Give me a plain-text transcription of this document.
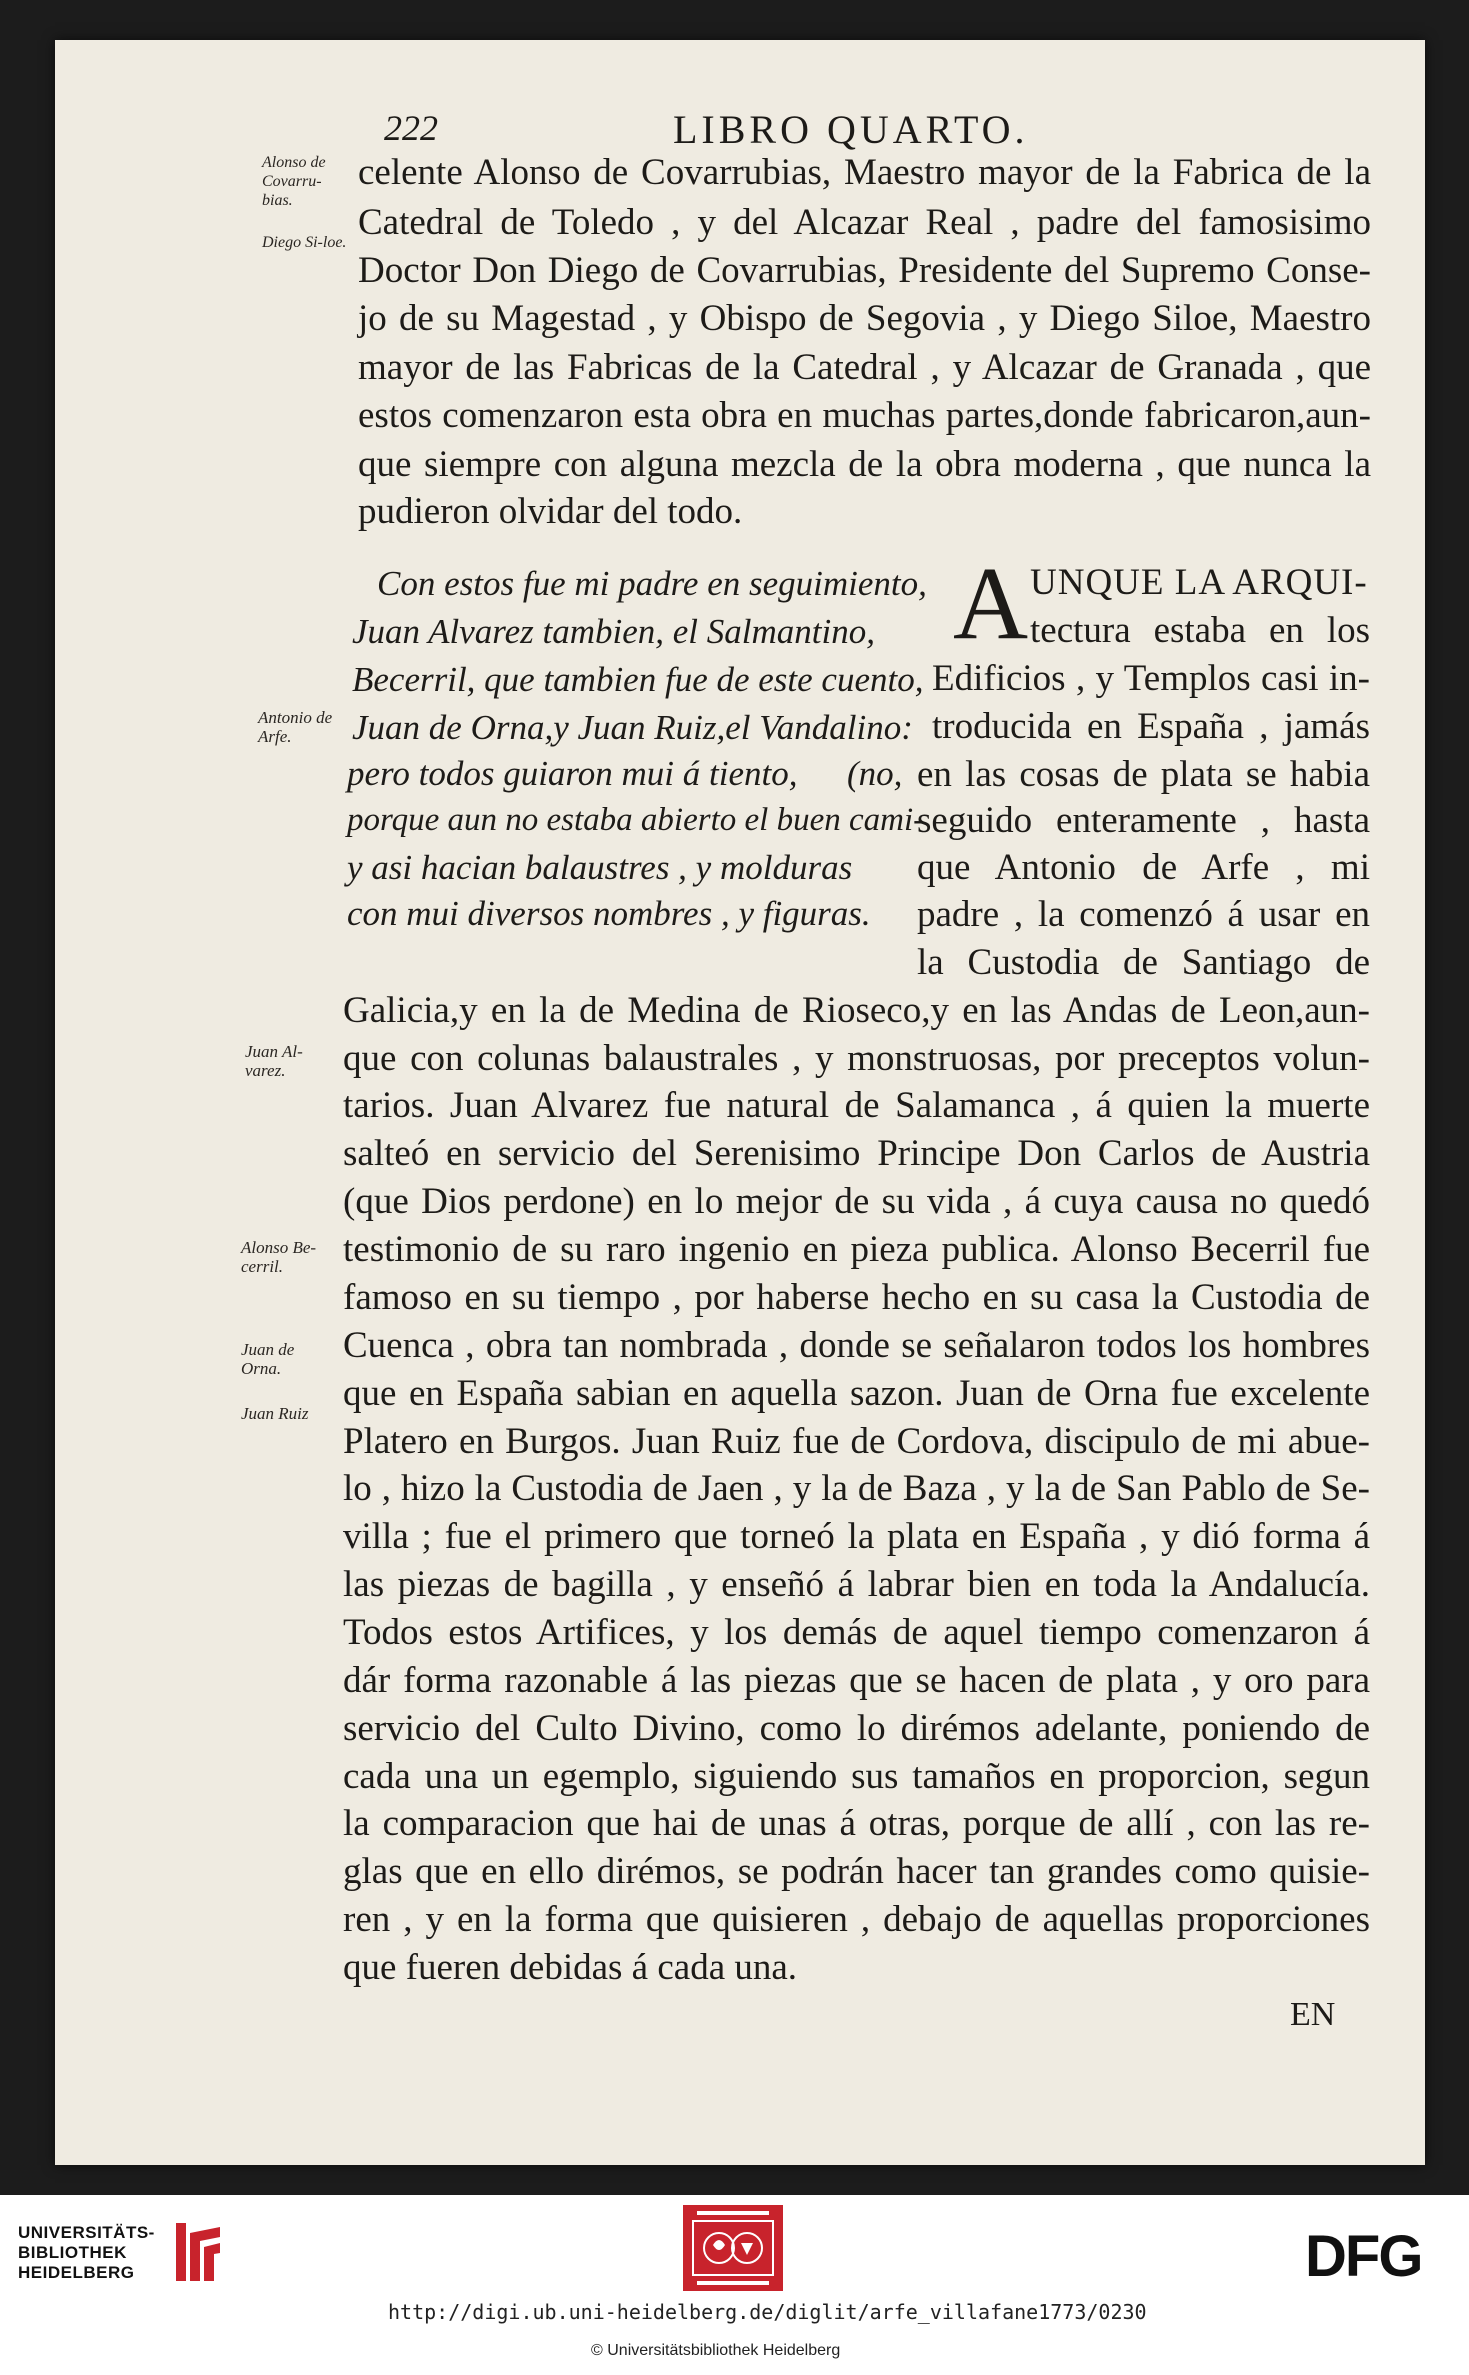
222	LIBRO QUARTO.
celente Alonso de Covarrubias, Maestro mayor de la Fabrica de la
Catedral de Toledo , y del Alcazar Real , padre del famosisimo
Doctor Don Diego de Covarrubias, Presidente del Supremo Conse-
jo de su Magestad , y Obispo de Segovia , y Diego Siloe, Maestro
mayor de las Fabricas de la Catedral , y Alcazar de Granada , que
estos comenzaron esta obra en muchas partes,donde fabricaron,aun-
que siempre con alguna mezcla de la obra moderna , que nunca la
pudieron olvidar del todo.
Con estos fue mi padre en seguimiento,
Juan Alvarez tambien, el Salmantino,
Becerril, que tambien fue de este cuento,
Juan de Orna,y Juan Ruiz,el Vandalino:
pero todos guiaron mui á tiento, (no,
porque aun no estaba abierto el buen cami-
y asi hacian balaustres , y molduras
con mui diversos nombres , y figuras.
A UNQUE LA ARQUI-
tectura estaba en los
Edificios , y Templos casi in-
troducida en España , jamás
en las cosas de plata se habia
seguido enteramente , hasta
que Antonio de Arfe , mi
padre , la comenzó á usar en
la Custodia de Santiago de
Galicia,y en la de Medina de Rioseco,y en las Andas de Leon,aun-
que con colunas balaustrales , y monstruosas, por preceptos volun-
tarios. Juan Alvarez fue natural de Salamanca , á quien la muerte
salteó en servicio del Serenisimo Principe Don Carlos de Austria
(que Dios perdone) en lo mejor de su vida , á cuya causa no quedó
testimonio de su raro ingenio en pieza publica. Alonso Becerril fue
famoso en su tiempo , por haberse hecho en su casa la Custodia de
Cuenca , obra tan nombrada , donde se señalaron todos los hombres
que en España sabian en aquella sazon. Juan de Orna fue excelente
Platero en Burgos. Juan Ruiz fue de Cordova, discipulo de mi abue-
lo , hizo la Custodia de Jaen , y la de Baza , y la de San Pablo de Se-
villa ; fue el primero que torneó la plata en España , y dió forma á
las piezas de bagilla , y enseñó á labrar bien en toda la Andalucía.
Todos estos Artifices, y los demás de aquel tiempo comenzaron á
dár forma razonable á las piezas que se hacen de plata , y oro para
servicio del Culto Divino, como lo dirémos adelante, poniendo de
cada una un egemplo, siguiendo sus tamaños en proporcion, segun
la comparacion que hai de unas á otras, porque de allí , con las re-
glas que en ello dirémos, se podrán hacer tan grandes como quisie-
ren , y en la forma que quisieren , debajo de aquellas proporciones
que fueren debidas á cada una.
EN
Alonso de Covarru-bias.
Diego Si-loe.
Antonio de Arfe.
Juan Al-varez.
Alonso Be-cerril.
Juan de Orna.
Juan Ruiz
UNIVERSITÄTS-
BIBLIOTHEK
HEIDELBERG	DFG
http://digi.ub.uni-heidelberg.de/diglit/arfe_villafane1773/0230
© Universitätsbibliothek Heidelberg
